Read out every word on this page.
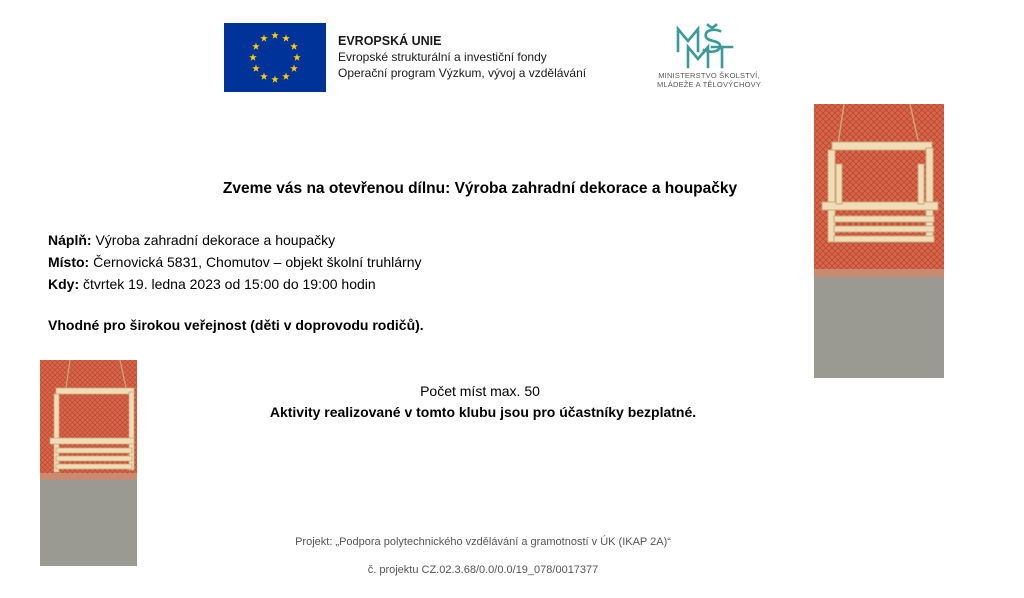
EVROPSKÁ UNIE
Evropské strukturální a investiční fondy
Operační program Výzkum, vývoj a vzdělávání	MINISTERSTVO ŠKOLSTVÍ,
MLÁDEŽE A TĚLOVÝCHOVY
Zveme vás na otevřenou dílnu: Výroba zahradní dekorace a houpačky
Náplň: Výroba zahradní dekorace a houpačky
Místo: Černovická 5831, Chomutov – objekt školní truhlárny
Kdy: čtvrtek 19. ledna 2023 od 15:00 do 19:00 hodin
Vhodné pro širokou veřejnost (děti v doprovodu rodičů).
Počet míst max. 50
Aktivity realizované v tomto klubu jsou pro účastníky bezplatné.
Projekt: „Podpora polytechnického vzdělávání a gramotností v ÚK (IKAP 2A)“
č. projektu CZ.02.3.68/0.0/0.0/19_078/0017377
